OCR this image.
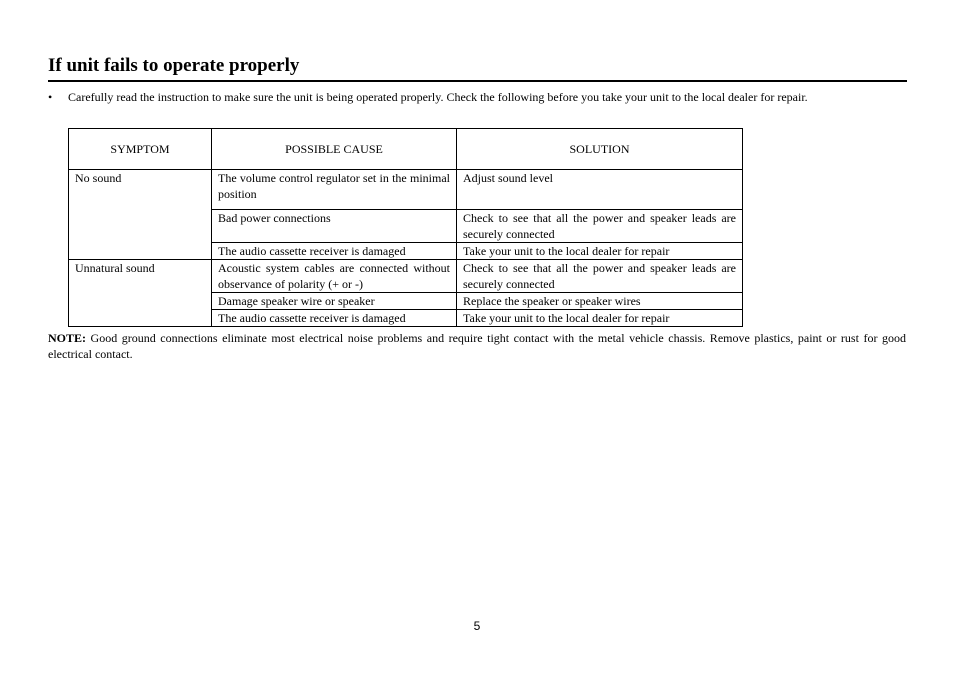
If unit fails to operate properly
•	Carefully read the instruction to make sure the unit is being operated properly. Check the following before you take your unit to the local dealer for repair.
SYMPTOM	POSSIBLE CAUSE	SOLUTION
No sound	The volume control regulator set in the minimal position	Adjust sound level
	Bad power connections	Check to see that all the power and speaker leads are securely connected
	The audio cassette receiver is damaged	Take your unit to the local dealer for repair
Unnatural sound	Acoustic system cables are connected without observance of polarity (+ or -)	Check to see that all the power and speaker leads are securely connected
	Damage speaker wire or speaker	Replace the speaker or speaker wires
	The audio cassette receiver is damaged	Take your unit to the local dealer for repair
NOTE: Good ground connections eliminate most electrical noise problems and require tight contact with the metal vehicle chassis. Remove plastics, paint or rust for good electrical contact.
5
